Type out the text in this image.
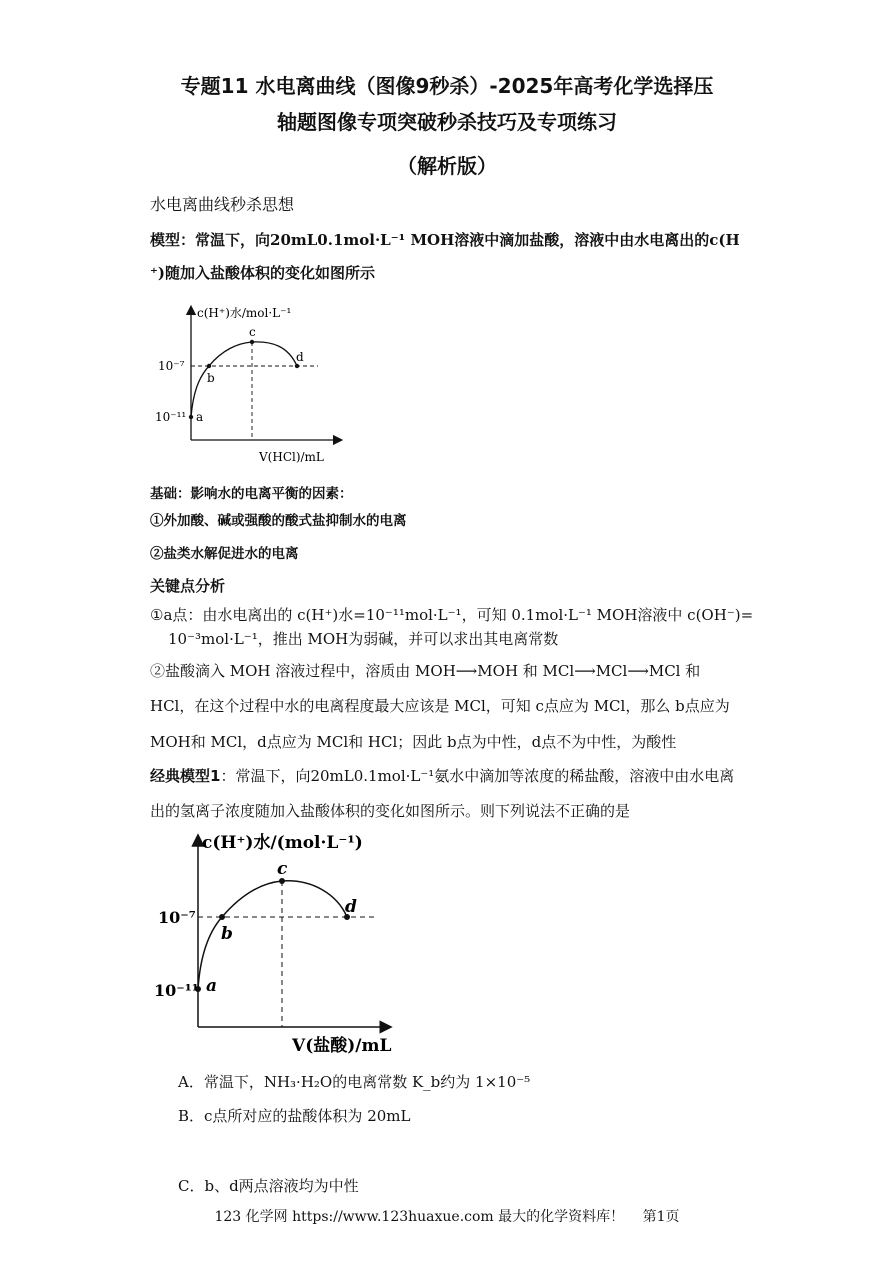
专题11 水电离曲线（图像9秒杀）-2025年高考化学选择压
轴题图像专项突破秒杀技巧及专项练习
（解析版）
水电离曲线秒杀思想
模型：常温下，向20mL0.1mol·L⁻¹ MOH溶液中滴加盐酸，溶液中由水电离出的c(H
⁺)随加入盐酸体积的变化如图所示
c(H⁺)水/mol·L⁻¹
10⁻⁷
10⁻¹¹ a
b
c
d
V(HCl)/mL
基础：影响水的电离平衡的因素：
①外加酸、碱或强酸的酸式盐抑制水的电离
②盐类水解促进水的电离
关键点分析
①a点：由水电离出的 c(H⁺)水=10⁻¹¹mol·L⁻¹，可知 0.1mol·L⁻¹ MOH溶液中 c(OH⁻)=
10⁻³mol·L⁻¹，推出 MOH为弱碱，并可以求出其电离常数
②盐酸滴入 MOH 溶液过程中，溶质由 MOH⟶MOH 和 MCl⟶MCl⟶MCl 和
HCl，在这个过程中水的电离程度最大应该是 MCl，可知 c点应为 MCl，那么 b点应为
MOH和 MCl，d点应为 MCl和 HCl；因此 b点为中性，d点不为中性，为酸性
经典模型1：常温下，向20mL0.1mol·L⁻¹氨水中滴加等浓度的稀盐酸，溶液中由水电离
出的氢离子浓度随加入盐酸体积的变化如图所示。则下列说法不正确的是
c(H⁺)水/(mol·L⁻¹)
10⁻⁷
10⁻¹¹ a
b
c
d
V(盐酸)/mL
A．常温下，NH₃·H₂O的电离常数 K_b约为 1×10⁻⁵
B．c点所对应的盐酸体积为 20mL
C．b、d两点溶液均为中性
123 化学网 https://www.123huaxue.com 最大的化学资料库！　 第1页
